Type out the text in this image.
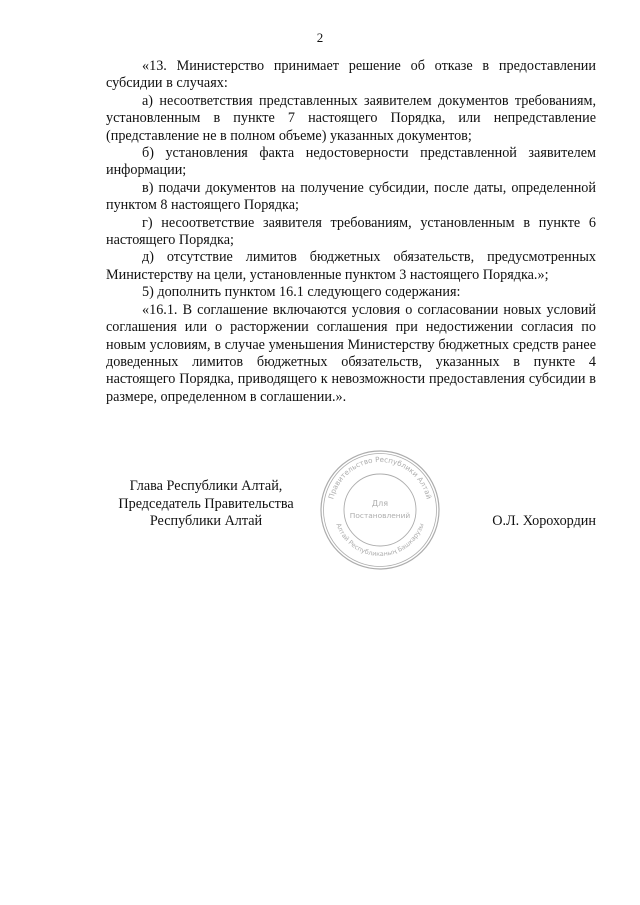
2

«13. Министерство принимает решение об отказе в предоставлении субсидии в случаях:

а) несоответствия представленных заявителем документов требованиям, установленным в пункте 7 настоящего Порядка, или непредставление (представление не в полном объеме) указанных документов;

б) установления факта недостоверности представленной заявителем информации;

в) подачи документов на получение субсидии, после даты, определенной пунктом 8 настоящего Порядка;

г) несоответствие заявителя требованиям, установленным в пункте 6 настоящего Порядка;

д) отсутствие лимитов бюджетных обязательств, предусмотренных Министерству на цели, установленные пунктом 3 настоящего Порядка.»;

5) дополнить пунктом 16.1 следующего содержания:

«16.1. В соглашение включаются условия о согласовании новых условий соглашения или о расторжении соглашения при недостижении согласия по новым условиям, в случае уменьшения Министерству бюджетных средств ранее доведенных лимитов бюджетных обязательств, указанных в пункте 4 настоящего Порядка, приводящего к невозможности предоставления субсидии в размере, определенном в соглашении.».

Глава Республики Алтай,
Председатель Правительства
Республики Алтай	О.Л. Хорохордин
Правительство Республики Алтай
Алтай Республиканың Башкарузы
Для
Постановлений
